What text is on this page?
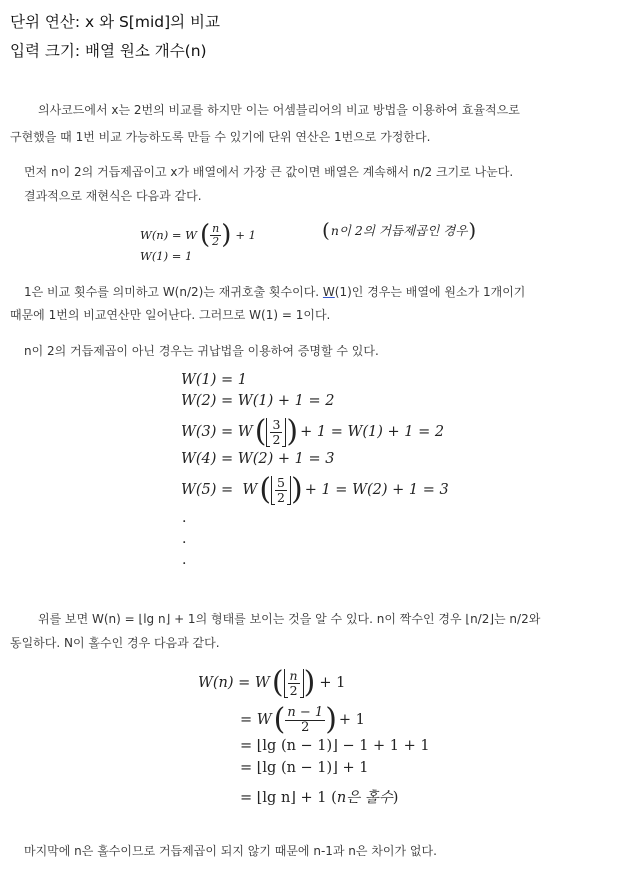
단위 연산: x 와 S[mid]의 비교
입력 크기: 배열 원소 개수(n)
의사코드에서 x는 2번의 비교를 하지만 이는 어셈블리어의 비교 방법을 이용하여 효율적으로
구현했을 때 1번 비교 가능하도록 만들 수 있기에 단위 연산은 1번으로 가정한다.
먼저 n이 2의 거듭제곱이고 x가 배열에서 가장 큰 값이면 배열은 계속해서 n/2 크기로 나눈다.
결과적으로 재현식은 다음과 같다.
W(n) = W ( $\frac{n}{2}$ ) + 1
W(1) = 1
( n이 2의 거듭제곱인 경우 )
1은 비교 횟수를 의미하고 W(n/2)는 재귀호출 횟수이다. W(1)인 경우는 배열에 원소가 1개이기
때문에 1번의 비교연산만 일어난다. 그러므로 W(1) = 1이다.
n이 2의 거듭제곱이 아닌 경우는 귀납법을 이용하여 증명할 수 있다.
W(1) = 1
W(2) = W(1) + 1 = 2
W(3) = W ( $\frac{3}{2}$ ) + 1 = W(1) + 1 = 2
W(4) = W(2) + 1 = 3
W(5) =  W ( $\frac{5}{2}$ ) + 1 = W(2) + 1 = 3
.
.
.
위를 보면 W(n) = ⌊lg n⌋ + 1의 형태를 보이는 것을 알 수 있다. n이 짝수인 경우 ⌊n/2⌋는 n/2와
동일하다. N이 홀수인 경우 다음과 같다.
W(n) = W ( $\frac{n}{2}$ ) + 1
= W ( $\frac{n - 1}{2}$ ) + 1
= ⌊lg (n − 1)⌋ − 1 + 1 + 1
= ⌊lg (n − 1)⌋ + 1
= ⌊lg n⌋ + 1 (n은 홀수)
마지막에 n은 홀수이므로 거듭제곱이 되지 않기 때문에 n-1과 n은 차이가 없다.
